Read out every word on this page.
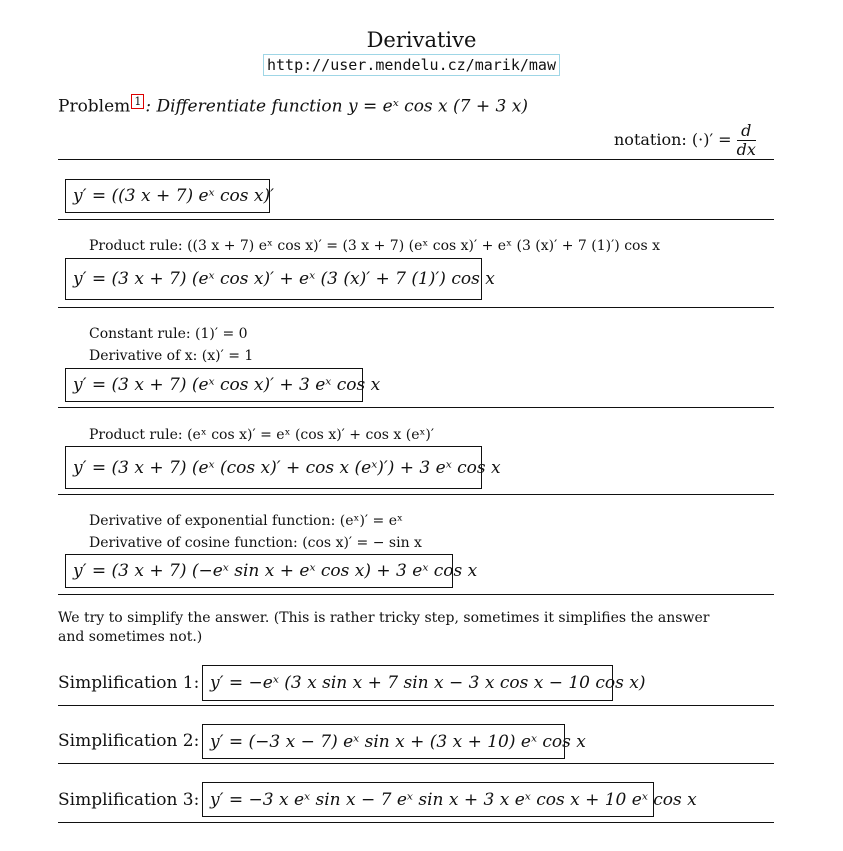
Derivative
http://user.mendelu.cz/marik/maw
Problem $^1$ : Differentiate function y = eˣ cos x (7 + 3 x)
notation: (·)′ = $\frac{d}{dx}$
y′ = ((3 x + 7) eˣ cos x)′
Product rule: ((3 x + 7) eˣ cos x)′ = (3 x + 7) (eˣ cos x)′ + eˣ (3 (x)′ + 7 (1)′) cos x
y′ = (3 x + 7) (eˣ cos x)′ + eˣ (3 (x)′ + 7 (1)′) cos x
Constant rule: (1)′ = 0
Derivative of x: (x)′ = 1
y′ = (3 x + 7) (eˣ cos x)′ + 3 eˣ cos x
Product rule: (eˣ cos x)′ = eˣ (cos x)′ + cos x (eˣ)′
y′ = (3 x + 7) (eˣ (cos x)′ + cos x (eˣ)′) + 3 eˣ cos x
Derivative of exponential function: (eˣ)′ = eˣ
Derivative of cosine function: (cos x)′ = − sin x
y′ = (3 x + 7) (−eˣ sin x + eˣ cos x) + 3 eˣ cos x
We try to simplify the answer. (This is rather tricky step, sometimes it simplifies the answer and sometimes not.)
Simplification 1: y′ = −eˣ (3 x sin x + 7 sin x − 3 x cos x − 10 cos x)
Simplification 2: y′ = (−3 x − 7) eˣ sin x + (3 x + 10) eˣ cos x
Simplification 3: y′ = −3 x eˣ sin x − 7 eˣ sin x + 3 x eˣ cos x + 10 eˣ cos x
